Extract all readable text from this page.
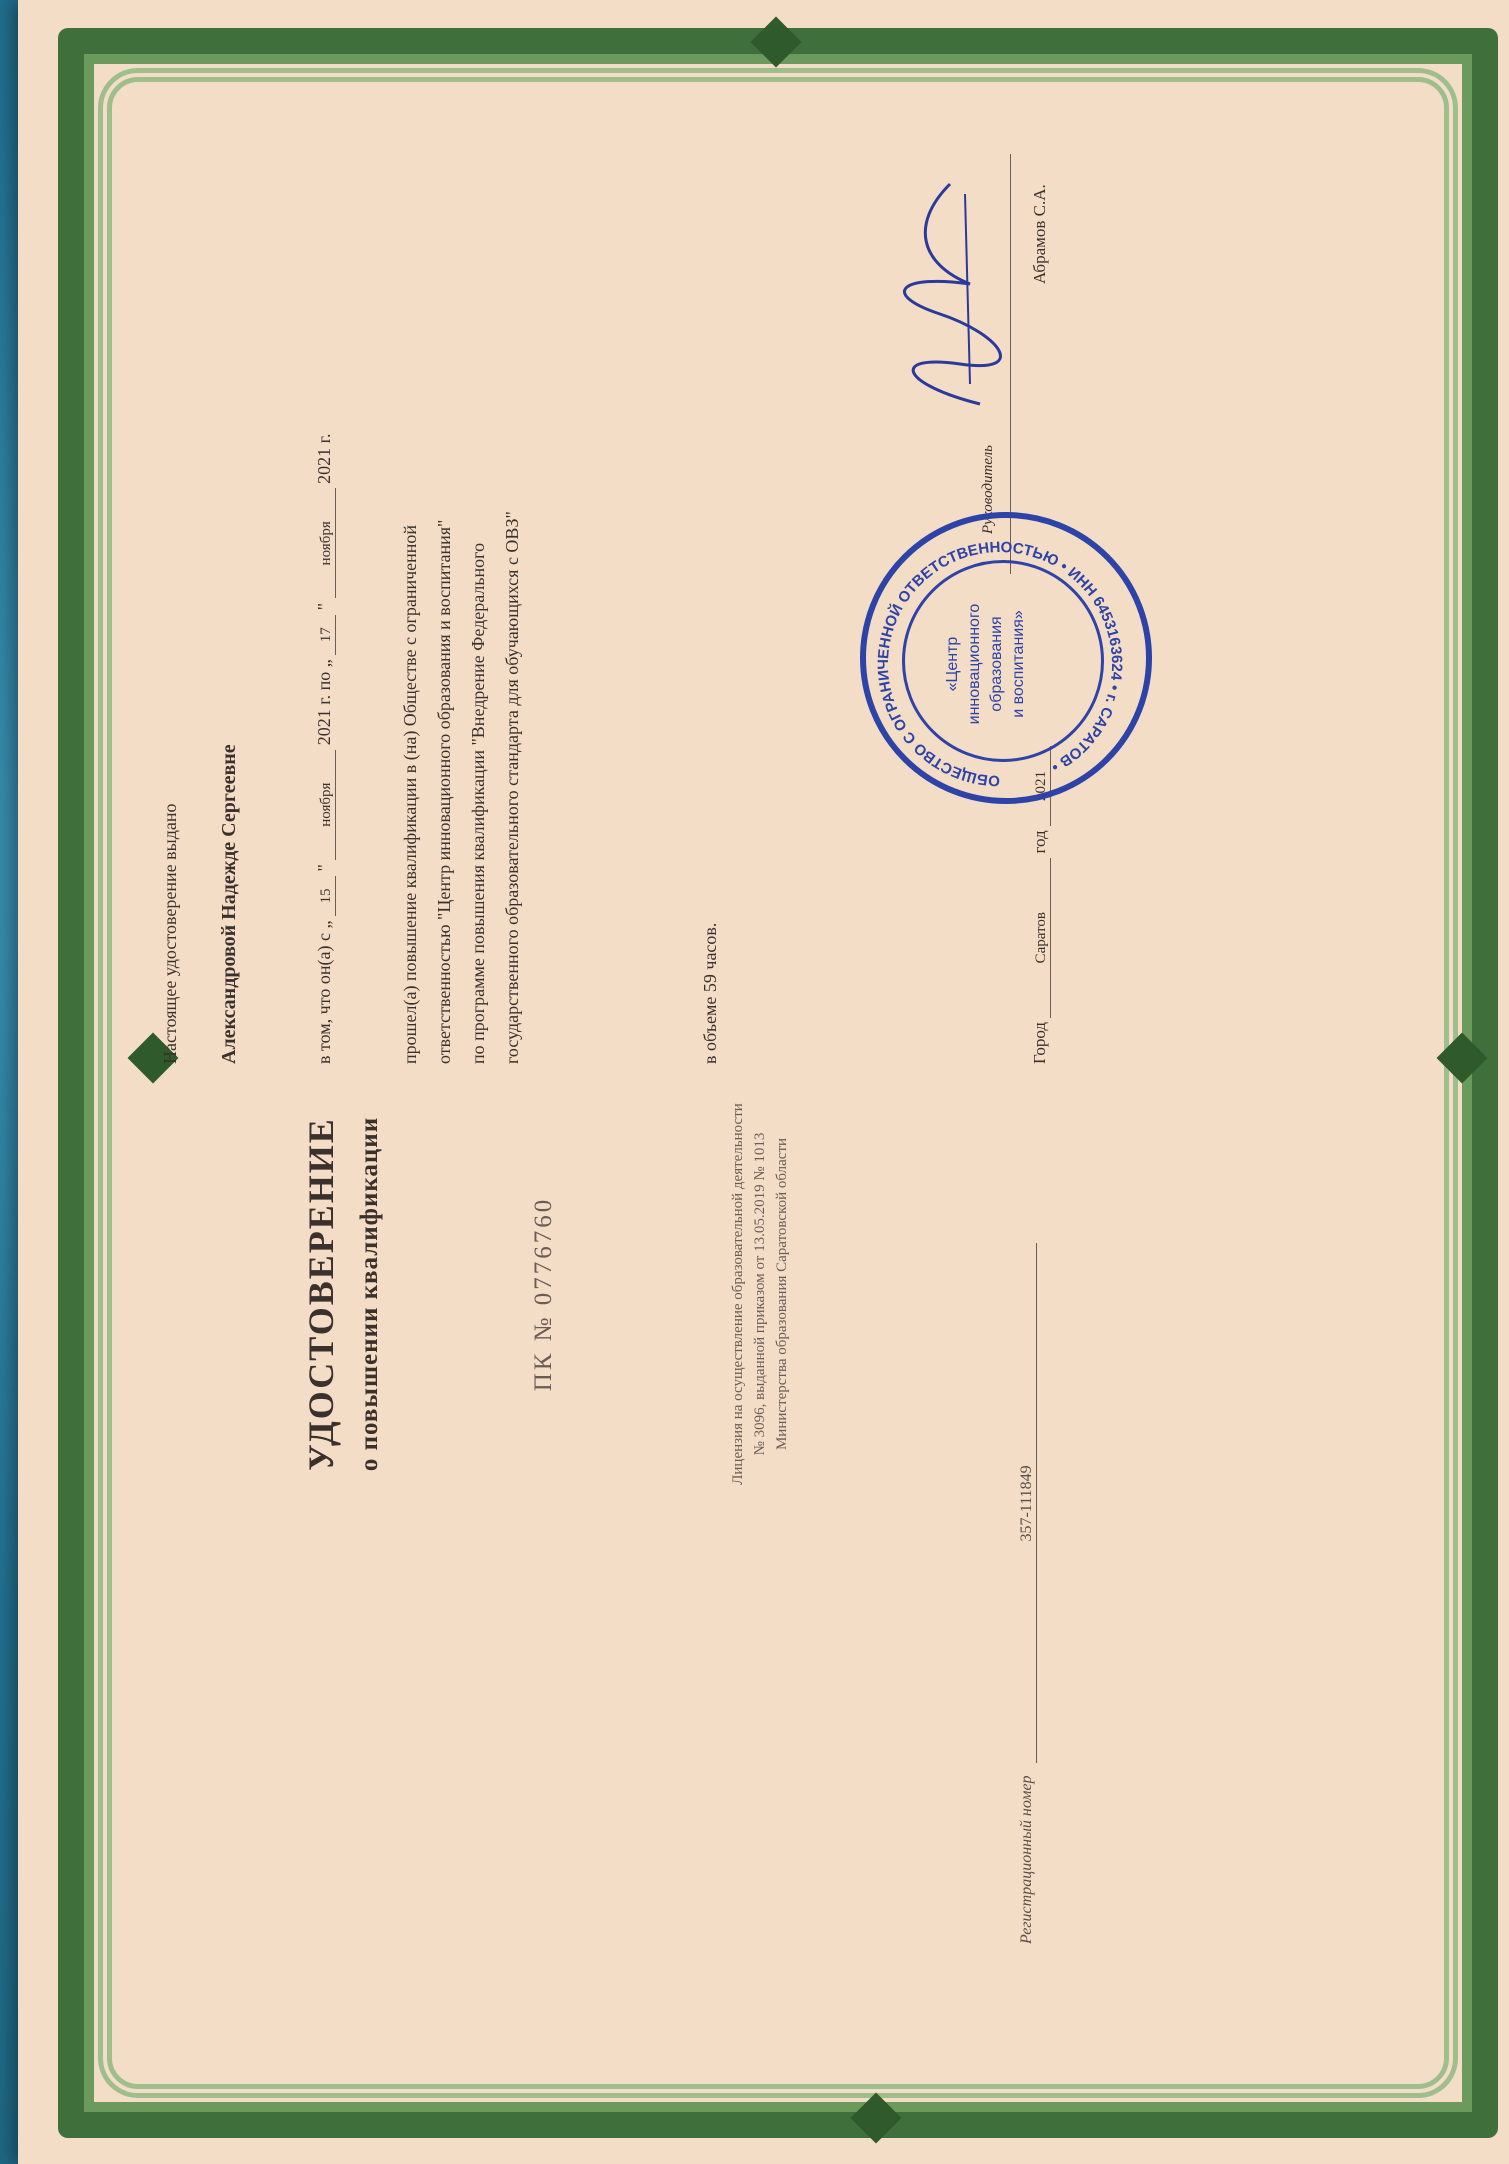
УДОСТОВЕРЕНИЕ о повышении квалификации	ПК № 0776760	Лицензия на осуществление образовательной деятельности № 3096, выданной приказом от 13.05.2019 № 1013 Министерства образования Саратовской области
Регистрационный номер 357-111849
Настоящее удостоверение выдано Александровой Надежде Сергеевне	в том, что он(а) с „ 15 " ноября 2021 г. по „ 17 " ноября 2021 г.
прошел(а) повышение квалификации в (на) Обществе с ограниченной ответственностью "Центр инновационного образования и воспитания" по программе повышения квалификации "Внедрение Федерального государственного образовательного стандарта для обучающихся с ОВЗ"	в объеме 59 часов.
Город Саратов год 2021
Руководитель
Абрамов С.А.
ОБЩЕСТВО С ОГРАНИЧЕННОЙ ОТВЕТСТВЕННОСТЬЮ • ИНН 6453163624 • г. САРАТОВ •
«Центр инновационного образования и воспитания»
